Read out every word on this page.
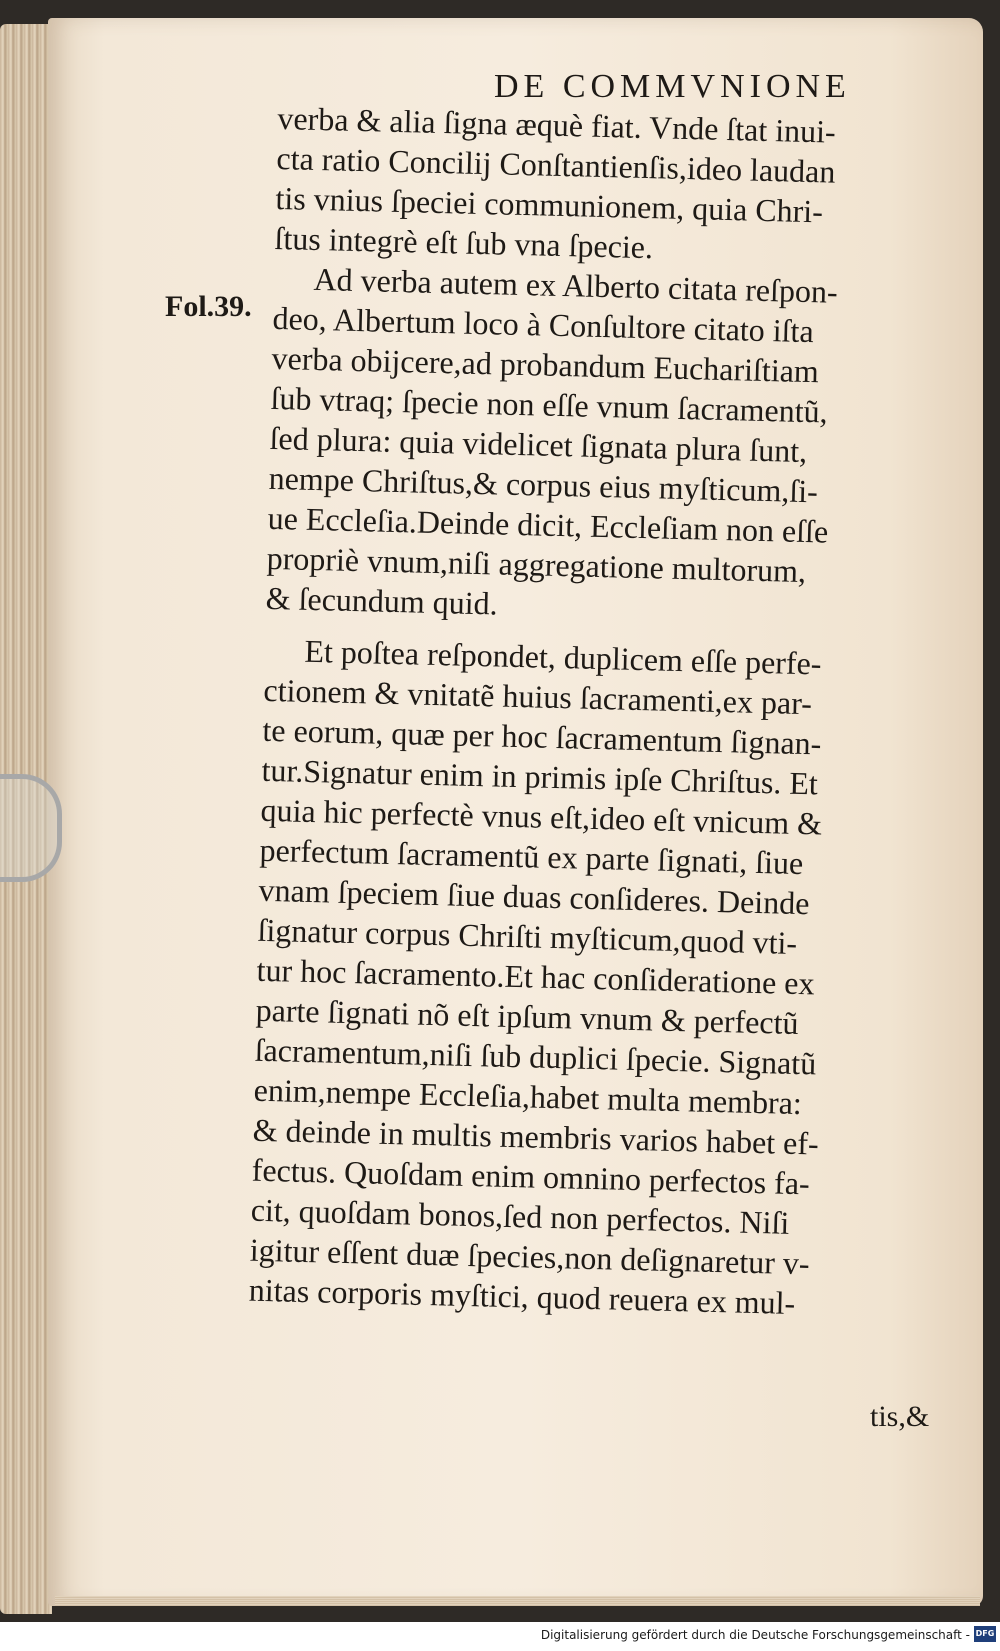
DE COMMVNIONE
Fol.39.
verba & alia ſigna æquè fiat. Vnde ſtat inui-
cta ratio Concilij Conſtantienſis,ideo laudan
tis vnius ſpeciei communionem, quia Chri-
ſtus integrè eſt ſub vna ſpecie.
Ad verba autem ex Alberto citata reſpon-
deo, Albertum loco à Conſultore citato iſta
verba obijcere,ad probandum Euchariſtiam
ſub vtraq; ſpecie non eſſe vnum ſacramentũ,
ſed plura: quia videlicet ſignata plura ſunt,
nempe Chriſtus,& corpus eius myſticum,ſi-
ue Eccleſia.Deinde dicit, Eccleſiam non eſſe
propriè vnum,niſi aggregatione multorum,
& ſecundum quid.
Et poſtea reſpondet, duplicem eſſe perfe-
ctionem & vnitatẽ huius ſacramenti,ex par-
te eorum, quæ per hoc ſacramentum ſignan-
tur.Signatur enim in primis ipſe Chriſtus. Et
quia hic perfectè vnus eſt,ideo eſt vnicum &
perfectum ſacramentũ ex parte ſignati, ſiue
vnam ſpeciem ſiue duas conſideres. Deinde
ſignatur corpus Chriſti myſticum,quod vti-
tur hoc ſacramento.Et hac conſideratione ex
parte ſignati nõ eſt ipſum vnum & perfectũ
ſacramentum,niſi ſub duplici ſpecie. Signatũ
enim,nempe Eccleſia,habet multa membra:
& deinde in multis membris varios habet ef-
fectus. Quoſdam enim omnino perfectos fa-
cit, quoſdam bonos,ſed non perfectos. Niſi
igitur eſſent duæ ſpecies,non deſignaretur v-
nitas corporis myſtici, quod reuera ex mul-
tis,&
Digitalisierung gefördert durch die Deutsche Forschungsgemeinschaft - DFG
